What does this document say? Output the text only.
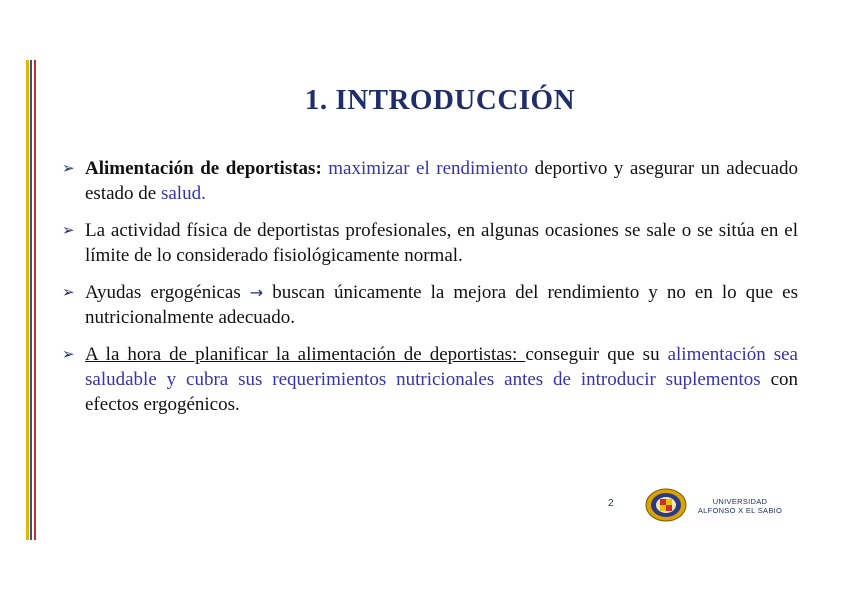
1. INTRODUCCIÓN
➢ Alimentación de deportistas: maximizar el rendimiento deportivo y asegurar un adecuado estado de salud.
➢ La actividad física de deportistas profesionales, en algunas ocasiones se sale o se sitúa en el límite de lo considerado fisiológicamente normal.
➢ Ayudas ergogénicas → buscan únicamente la mejora del rendimiento y no en lo que es nutricionalmente adecuado.
➢ A la hora de planificar la alimentación de deportistas: conseguir que su alimentación sea saludable y cubra sus requerimientos nutricionales antes de introducir suplementos con efectos ergogénicos.
2	UNIVERSIDAD
ALFONSO X EL SABIO
